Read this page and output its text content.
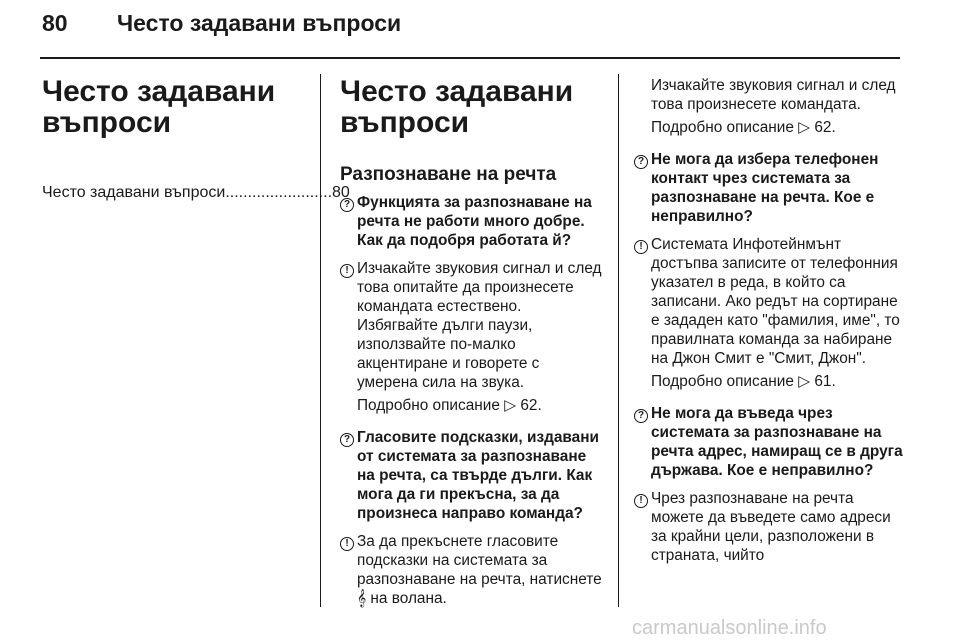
80 Често задавани въпроси
Често задавани въпроси
Често задавани въпроси ........................ 80
Често задавани въпроси
Разпознаване на речта
? Функцията за разпознаване на речта не работи много добре. Как да подобря работата й?
! Изчакайте звуковия сигнал и след това опитайте да произнесете командата естествено. Избягвайте дълги паузи, използвайте по-малко акцентиране и говорете с умерена сила на звука.
Подробно описание ▷ 62.
? Гласовите подсказки, издавани от системата за разпознаване на речта, са твърде дълги. Как мога да ги прекъсна, за да произнеса направо команда?
! За да прекъснете гласовите подсказки на системата за разпознаване на речта, натиснете 𝄞 на волана.
Изчакайте звуковия сигнал и след това произнесете командата.
Подробно описание ▷ 62.
? Не мога да избера телефонен контакт чрез системата за разпознаване на речта. Кое е неправилно?
! Системата Инфотейнмънт достъпва записите от телефонния указател в реда, в който са записани. Ако редът на сортиране е зададен като "фамилия, име", то правилната команда за набиране на Джон Смит е "Смит, Джон".
Подробно описание ▷ 61.
? Не мога да въведа чрез системата за разпознаване на речта адрес, намиращ се в друга държава. Кое е неправилно?
! Чрез разпознаване на речта можете да въведете само адреси за крайни цели, разположени в страната, чийто
carmanualsonline.info
